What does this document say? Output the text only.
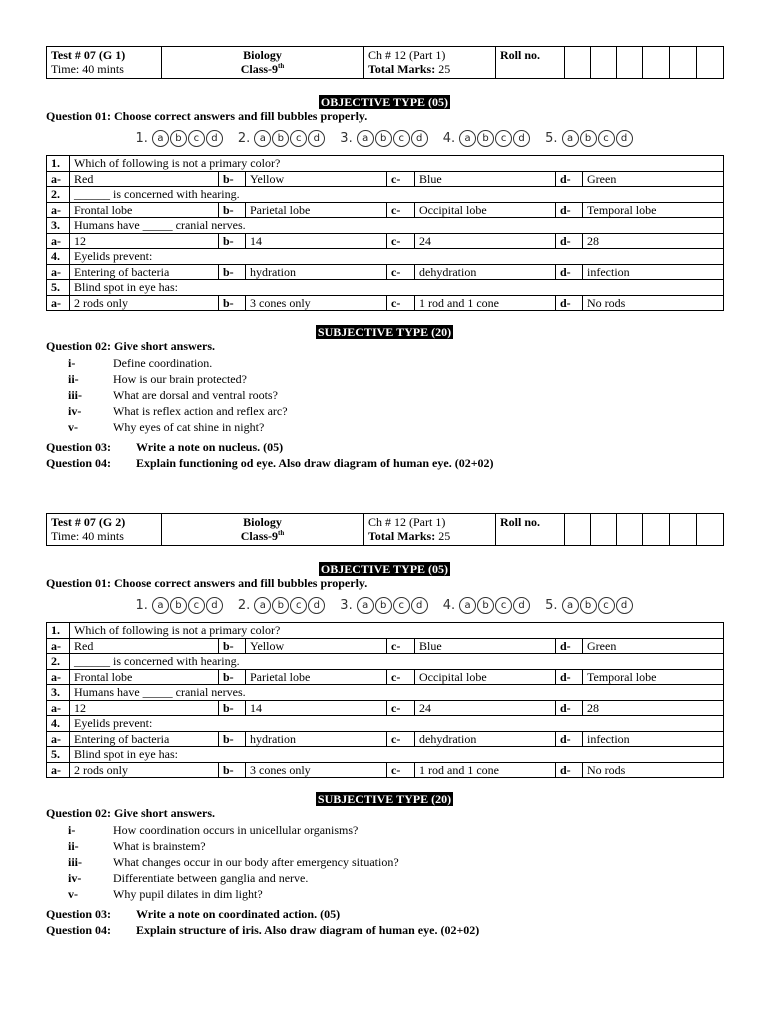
Test # 07 (G 1)
Time: 40 mints

Biology
Class-9th

Ch # 12 (Part 1)
Total Marks: 25
	Roll no.						
OBJECTIVE TYPE (05)
Question 01: Choose correct answers and fill bubbles properly.
1. a	b	c	d	2. a	b	c	d	3. a	b	c	d	4. a	b	c	d	5. a	b	c	d
1.	Which of following is not a primary color?						
a-	Red	b-	Yellow	c-	Blue	d-	Green
2.	______ is concerned with hearing.						
a-	Frontal lobe	b-	Parietal lobe	c-	Occipital lobe	d-	Temporal lobe
3.	Humans have _____ cranial nerves.						
a-	12	b-	14	c-	24	d-	28
4.	Eyelids prevent:						
a-	Entering of bacteria	b-	hydration	c-	dehydration	d-	infection
5.	Blind spot in eye has:						
a-	2 rods only	b-	3 cones only	c-	1 rod and 1 cone	d-	No rods
SUBJECTIVE TYPE (20)
Question 02: Give short answers.
i-	Define coordination.
ii-	How is our brain protected?
iii-	What are dorsal and ventral roots?
iv-	What is reflex action and reflex arc?
v-	Why eyes of cat shine in night?
Question 03:	Write a note on nucleus. (05)
Question 04:	Explain functioning od eye. Also draw diagram of human eye. (02+02)
Test # 07 (G 2)
Time: 40 mints

Biology
Class-9th

Ch # 12 (Part 1)
Total Marks: 25
	Roll no.						
OBJECTIVE TYPE (05)
Question 01: Choose correct answers and fill bubbles properly.
1. a	b	c	d	2. a	b	c	d	3. a	b	c	d	4. a	b	c	d	5. a	b	c	d
1.	Which of following is not a primary color?						
a-	Red	b-	Yellow	c-	Blue	d-	Green
2.	______ is concerned with hearing.						
a-	Frontal lobe	b-	Parietal lobe	c-	Occipital lobe	d-	Temporal lobe
3.	Humans have _____ cranial nerves.						
a-	12	b-	14	c-	24	d-	28
4.	Eyelids prevent:						
a-	Entering of bacteria	b-	hydration	c-	dehydration	d-	infection
5.	Blind spot in eye has:						
a-	2 rods only	b-	3 cones only	c-	1 rod and 1 cone	d-	No rods
SUBJECTIVE TYPE (20)
Question 02: Give short answers.
i-	How coordination occurs in unicellular organisms?
ii-	What is brainstem?
iii-	What changes occur in our body after emergency situation?
iv-	Differentiate between ganglia and nerve.
v-	Why pupil dilates in dim light?
Question 03:	Write a note on coordinated action. (05)
Question 04:	Explain structure of iris. Also draw diagram of human eye. (02+02)
